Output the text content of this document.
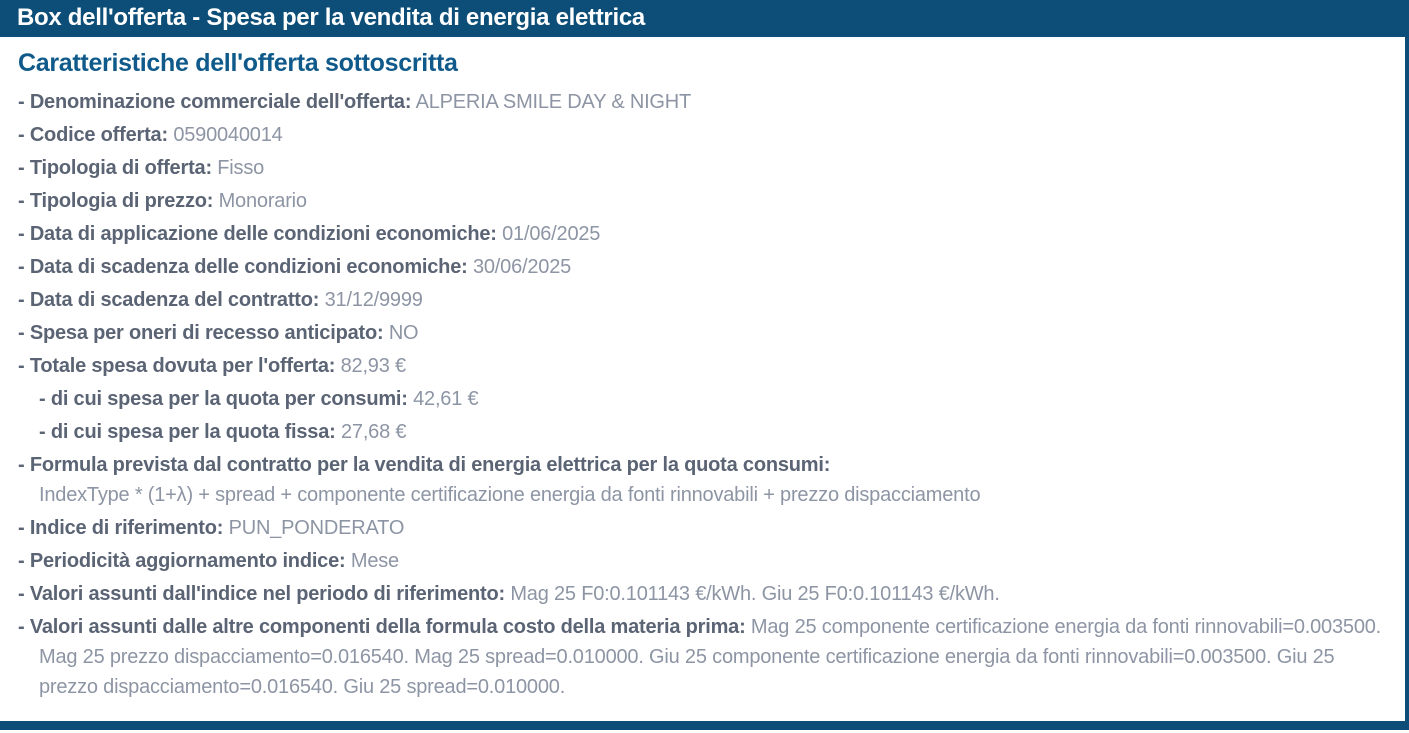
Box dell'offerta - Spesa per la vendita di energia elettrica
Caratteristiche dell'offerta sottoscritta
- Denominazione commerciale dell'offerta: ALPERIA SMILE DAY & NIGHT
- Codice offerta: 0590040014
- Tipologia di offerta: Fisso
- Tipologia di prezzo: Monorario
- Data di applicazione delle condizioni economiche: 01/06/2025
- Data di scadenza delle condizioni economiche: 30/06/2025
- Data di scadenza del contratto: 31/12/9999
- Spesa per oneri di recesso anticipato: NO
- Totale spesa dovuta per l'offerta: 82,93 €
- di cui spesa per la quota per consumi: 42,61 €
- di cui spesa per la quota fissa: 27,68 €
- Formula prevista dal contratto per la vendita di energia elettrica per la quota consumi:
IndexType * (1+λ) + spread + componente certificazione energia da fonti rinnovabili + prezzo dispacciamento
- Indice di riferimento: PUN_PONDERATO
- Periodicità aggiornamento indice: Mese
- Valori assunti dall'indice nel periodo di riferimento: Mag 25 F0:0.101143 €/kWh. Giu 25 F0:0.101143 €/kWh.
- Valori assunti dalle altre componenti della formula costo della materia prima: Mag 25 componente certificazione energia da fonti rinnovabili=0.003500. Mag 25 prezzo dispacciamento=0.016540. Mag 25 spread=0.010000. Giu 25 componente certificazione energia da fonti rinnovabili=0.003500. Giu 25 prezzo dispacciamento=0.016540. Giu 25 spread=0.010000.
